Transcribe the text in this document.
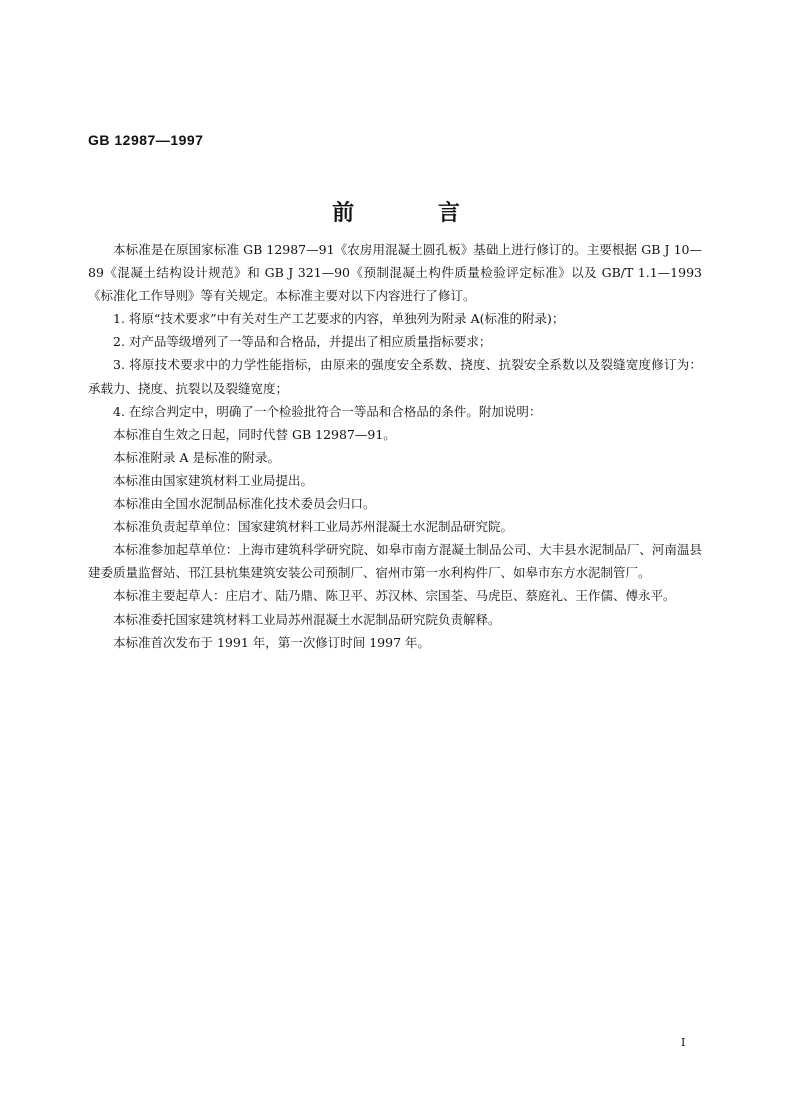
GB 12987—1997
前 言

本标准是在原国家标准 GB 12987—91《农房用混凝土圆孔板》基础上进行修订的。主要根据 GB J 10—89《混凝土结构设计规范》和 GB J 321—90《预制混凝土构件质量检验评定标准》以及 GB/T 1.1—1993《标准化工作导则》等有关规定。本标准主要对以下内容进行了修订。

1. 将原“技术要求”中有关对生产工艺要求的内容，单独列为附录 A(标准的附录)；

2. 对产品等级增列了一等品和合格品，并提出了相应质量指标要求；

3. 将原技术要求中的力学性能指标，由原来的强度安全系数、挠度、抗裂安全系数以及裂缝宽度修订为：承载力、挠度、抗裂以及裂缝宽度；

4. 在综合判定中，明确了一个检验批符合一等品和合格品的条件。附加说明：

本标准自生效之日起，同时代替 GB 12987—91。

本标准附录 A 是标准的附录。

本标准由国家建筑材料工业局提出。

本标准由全国水泥制品标准化技术委员会归口。

本标准负责起草单位：国家建筑材料工业局苏州混凝土水泥制品研究院。

本标准参加起草单位：上海市建筑科学研究院、如皋市南方混凝土制品公司、大丰县水泥制品厂、河南温县建委质量监督站、邗江县杭集建筑安装公司预制厂、宿州市第一水利构件厂、如皋市东方水泥制管厂。

本标准主要起草人：庄启才、陆乃鼎、陈卫平、苏汉林、宗国荃、马虎臣、蔡庭礼、王作儒、傅永平。

本标准委托国家建筑材料工业局苏州混凝土水泥制品研究院负责解释。

本标准首次发布于 1991 年，第一次修订时间 1997 年。

I
